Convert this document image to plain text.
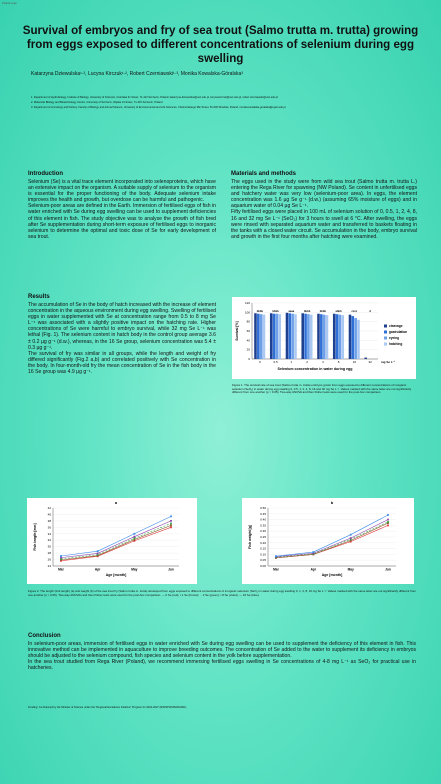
Poland-Logo
Survival of embryos and fry of sea trout (Salmo trutta m. trutta) growing from eggs exposed to different concentrations of selenium during egg swelling
Katarzyna Dziewulska¹·², Lucyna Kirczuk¹·², Robert Czerniawski¹·³, Monika Kowalska-Góralska³
1. Department of Hydrobiology, Institute of Biology, University of Szczecin, Felczaka 3c Street, 71-412 Szczecin, Poland; katarzyna.dziewulska@usz.edu.pl, lucyna.kirczuk@usz.edu.pl, robert.czerniawski@usz.edu.pl
2. Molecular Biology and Biotechnology Centre, University of Szczecin, Wąska 13 Street, 71-415 Szczecin, Poland
3. Department of Limnology and Fishery, Faculty of Biology and Animal Science, University of Environmental and Life Sciences, Chełmońskiego 38c Street, 51-630 Wrocław, Poland, monika.kowalska-goralska@upwr.edu.pl
Introduction
Selenium (Se) is a vital trace element incorporated into selenoproteins, which have an extensive impact on the organism. A suitable supply of selenium to the organism is essential for the proper functioning of the body. Adequate selenium intake improves the health and growth, but overdose can be harmful and pathogenic.
Selenium-poor areas are defined in the Earth. Immersion of fertilised eggs of fish in water enriched with Se during egg swelling can be used to supplement deficiencies of this element in fish. The study objective was to analyse the growth of fish bred after Se supplementation during short-term exposure of fertilised eggs to inorganic selenium to determine the optimal and toxic dose of Se for early development of sea trout.
Materials and methods
The eggs used in the study were from wild sea trout (Salmo trutta m. trutta L.) entering the Rega River for spawning (NW Poland). Se content in unfertilised eggs and hatchery water was very low (selenium-poor area). In eggs, the element concentration was 1.6 µg Se g⁻¹ (d.w.) (assuming 65% moisture of eggs) and in aquarium water of 0.04 µg Se L⁻¹.
Fifty fertilised eggs were placed in 100 mL of selenium solution of 0, 0.5, 1, 2, 4, 8, 16 and 32 mg Se L⁻¹ (SeO₂) for 3 hours to swell at 6 °C. After swelling, the eggs were rinsed with separated aquarium water and transferred to baskets floating in the tanks with a closed water circuit. Se accumulation in the body, embryo survival and growth in the first four months after hatching were examined.
Results
The accumulation of Se in the body of hatch increased with the increase of element concentration in the aqueous environment during egg swelling. Swelling of fertilised eggs in water supplemented with Se at concentration range from 0.5 to 8 mg Se L⁻¹ was associated with a slightly positive impact on the hatching rate. Higher concentrations of Se were harmful to embryo survival, while 32 mg Se L⁻¹ was lethal (Fig. 1). The selenium content in hatch body in the control group average 3.6 ± 0.2 µg g⁻¹ (d.w.), whereas, in the 16 Se group, selenium concentration was 5.4 ± 0.3 µg g⁻¹.
The survival of fry was similar in all groups, while the length and weight of fry differed significantly (Fig.2 a,b) and correlated positively with Se concentration in the body. In four-month-old fry the mean concentration of Se in the fish body in the 16 Se group was 4.9 µg g⁻¹.
0
20
40
60
80
100
120
bbbb
0
bbbb
0.5
aaaa
1
bbbb
2
bbbb
4
abbb
8
cccc
16
d
32	mg Se L⁻¹
Selenium concentration in water during egg
Survival [%]	cleavage
gastrulation
eyeing
hatching
Figure 1. The survival rate of sea trout (Salmo trutta m. trutta) embryos grown from eggs exposed to different concentrations of inorganic selenium (SeO₂) in water during egg swelling 0, 0.5, 1, 2, 4, 8, 16 and 32 mg Se L⁻¹. Values marked with the same letter are not significantly different from one another (p > 0.05). Two-way ANOVA and then Fisher tests were used for the post-hoc comparison
a
24
26
28
30
32
34
36
38
40
42
Mar	Apr	May	Jun
Age [month]
Fish length [mm]
b
0.00
0.05
0.10
0.15
0.20
0.25
0.30
0.35
0.40
0.45
0.50
Mar	Apr	May	Jun
Age [month]
Fish weight [g]
Figure 2. The length (fork length) (a) and weight (b) of the sea trout fry (Salmo trutta m. trutta) developed from eggs exposed to different concentrations of inorganic selenium (SeO₂) in water during egg swelling 0, 1, 2, 8, 16 mg Se L⁻¹. Values marked with the same letter are not significantly different from one another (p > 0.05). Two-way ANOVAs and then Fisher tests were used for the post-hoc comparison. — 0 Se (red); ▪ 1 Se (brown); ·· 2 Se (green); ▪ 8 Se (violet); — 16 Se (blue).
Conclusion
In selenium-poor areas, immersion of fertilised eggs in water enriched with Se during egg swelling can be used to supplement the deficiency of this element in fish. This innovative method can be implemented in aquaculture to improve breeding outcomes. The concentration of Se added to the water to supplement its deficiency in embryos should be adjusted to the selenium compound, fish species and selenium content in the yolk before supplementation.
In the sea trout studied from Rega River (Poland), we recommend immersing fertilised eggs swelling in Se concentrations of 4-8 mg L⁻¹ as SeO₂ for practical use in hatcheries.
Funding: Co-financed by the Minister of Science under the "Regional Excellence Initiative" Program for 2024-2027 (RID/SP/0045/2024/01)
